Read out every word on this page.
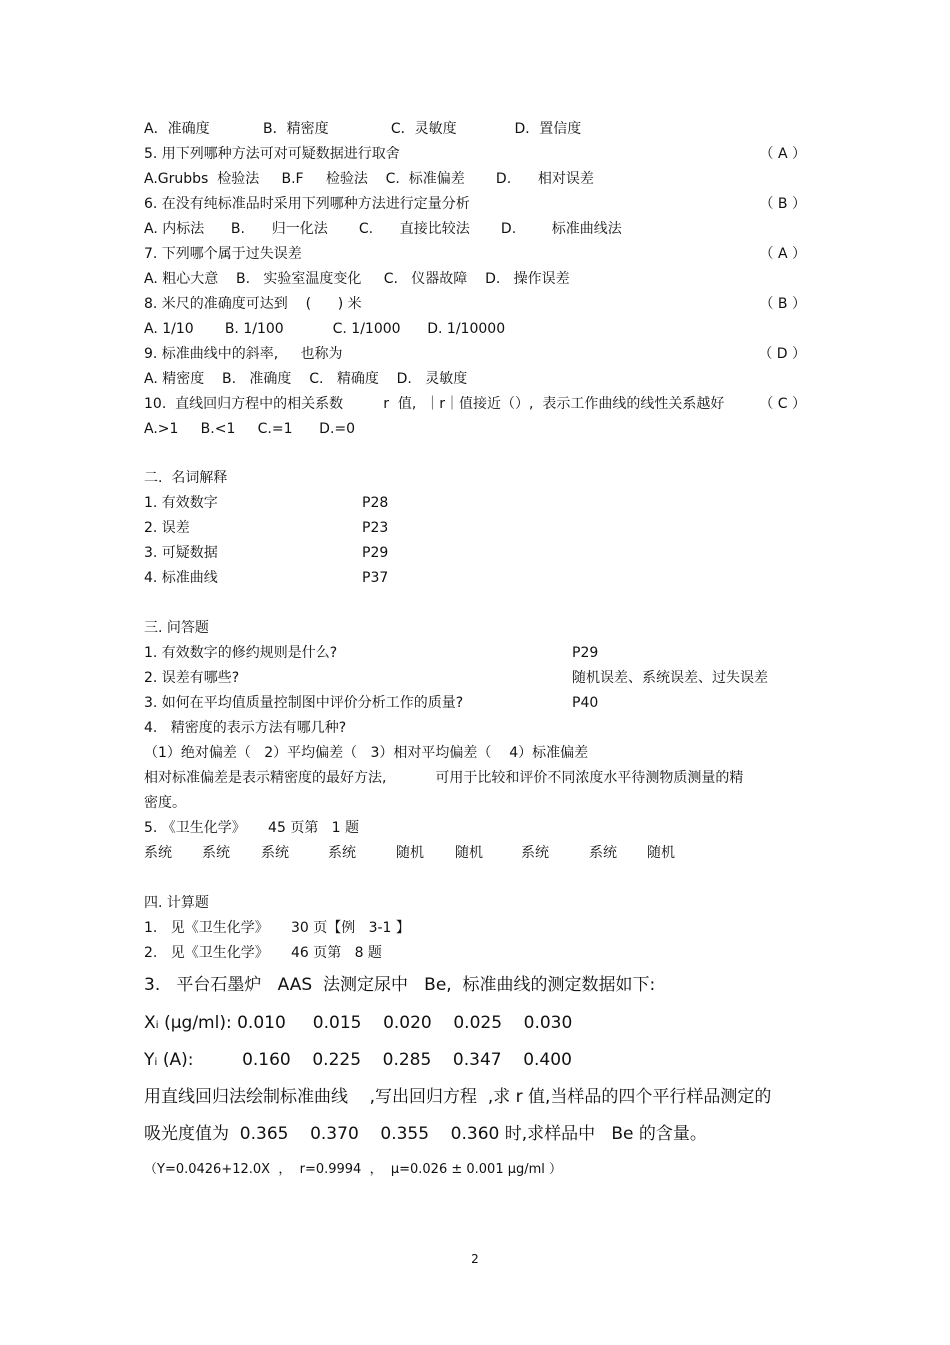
A．准确度            B．精密度              C．灵敏度             D．置信度
5. 用下列哪种方法可对可疑数据进行取舍	（ A ）
A.Grubbs  检验法     B.F     检验法    C.  标准偏差       D.      相对误差
6. 在没有纯标准品时采用下列哪种方法进行定量分析	（ B ）
A. 内标法      B.      归一化法       C.      直接比较法       D.        标准曲线法
7. 下列哪个属于过失误差	（ A ）
A. 粗心大意    B.   实验室温度变化     C.   仪器故障    D.   操作误差
8. 米尺的准确度可达到    (      ) 米	（ B ）
A. 1/10       B. 1/100           C. 1/1000      D. 1/10000
9. 标准曲线中的斜率,     也称为	（ D ）
A. 精密度    B.   准确度    C.   精确度    D.   灵敏度
10.  直线回归方程中的相关系数         r  值,  ｜r｜值接近（）,  表示工作曲线的线性关系越好 （ C ）
A.>1     B.<1     C.=1      D.=0
二.  名词解释
1. 有效数字	P28
2. 误差	P23
3. 可疑数据	P29
4. 标准曲线	P37
三. 问答题
1. 有效数字的修约规则是什么?	P29
2. 误差有哪些?	随机误差、系统误差、过失误差
3. 如何在平均值质量控制图中评价分析工作的质量?	P40
4.   精密度的表示方法有哪几种?
（1）绝对偏差（   2）平均偏差（   3）相对平均偏差（    4）标准偏差
相对标准偏差是表示精密度的最好方法,           可用于比较和评价不同浓度水平待测物质测量的精
密度。
5. 《卫生化学》     45 页第   1 题
系统 系统 系统	系统	随机 随机	系统	系统 随机
四. 计算题
1.   见《卫生化学》     30 页【例   3-1 】
2.   见《卫生化学》     46 页第   8 题
3.   平台石墨炉   AAS  法测定尿中   Be,  标准曲线的测定数据如下:
Xᵢ (μg/ml): 0.010     0.015    0.020    0.025    0.030
Yᵢ (A):         0.160    0.225    0.285    0.347    0.400
用直线回归法绘制标准曲线    ,写出回归方程  ,求 r 值,当样品的四个平行样品测定的
吸光度值为  0.365    0.370    0.355    0.360 时,求样品中   Be 的含量。
（Y=0.0426+12.0X  ，  r=0.9994  ，  μ=0.026 ± 0.001 μg/ml ）
2
